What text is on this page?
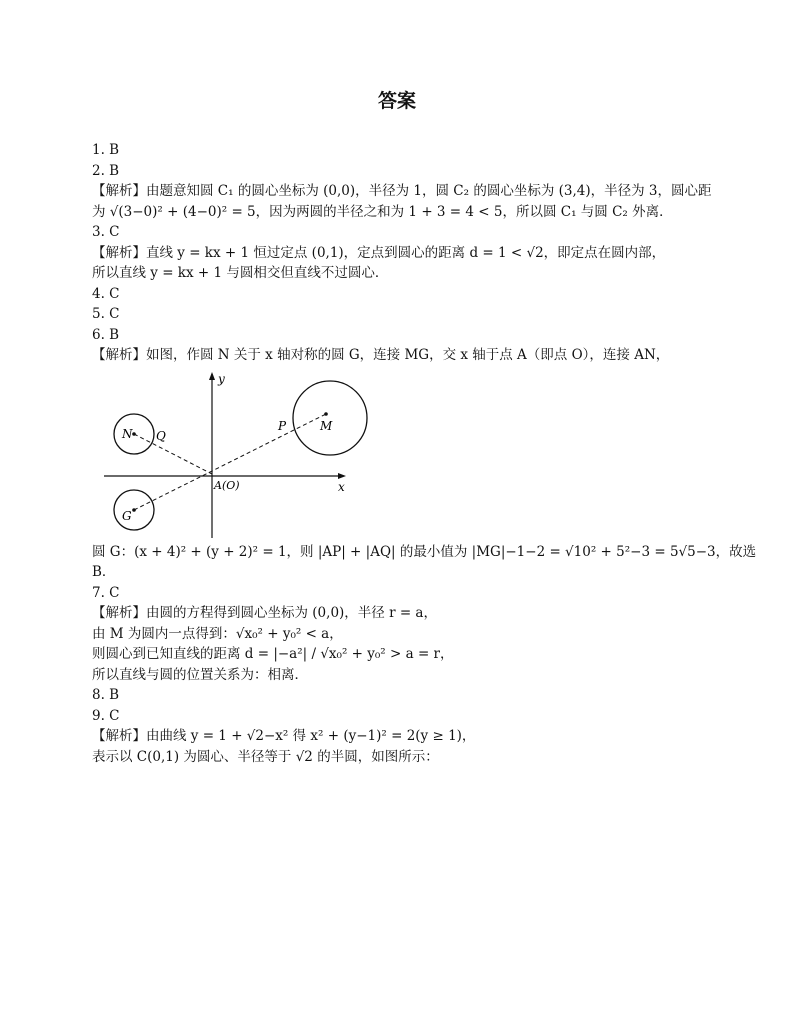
答案
1. B
2. B
【解析】由题意知圆 C₁ 的圆心坐标为 (0,0)，半径为 1，圆 C₂ 的圆心坐标为 (3,4)，半径为 3，圆心距
为 √(3−0)² + (4−0)² = 5，因为两圆的半径之和为 1 + 3 = 4 < 5，所以圆 C₁ 与圆 C₂ 外离．
3. C
【解析】直线 y = kx + 1 恒过定点 (0,1)，定点到圆心的距离 d = 1 < √2，即定点在圆内部，
所以直线 y = kx + 1 与圆相交但直线不过圆心．
4. C
5. C
6. B
【解析】如图，作圆 N 关于 x 轴对称的圆 G，连接 MG，交 x 轴于点 A（即点 O），连接 AN，
y
x
N Q
G
M
P
A(O)
圆 G：(x + 4)² + (y + 2)² = 1，则 |AP| + |AQ| 的最小值为 |MG|−1−2 = √10² + 5²−3 = 5√5−3，故选
B．
7. C
【解析】由圆的方程得到圆心坐标为 (0,0)，半径 r = a，
由 M 为圆内一点得到：√x₀² + y₀² < a，
则圆心到已知直线的距离 d = |−a²| / √x₀² + y₀² > a = r，
所以直线与圆的位置关系为：相离．
8. B
9. C
【解析】由曲线 y = 1 + √2−x² 得 x² + (y−1)² = 2(y ≥ 1)，
表示以 C(0,1) 为圆心、半径等于 √2 的半圆，如图所示：
